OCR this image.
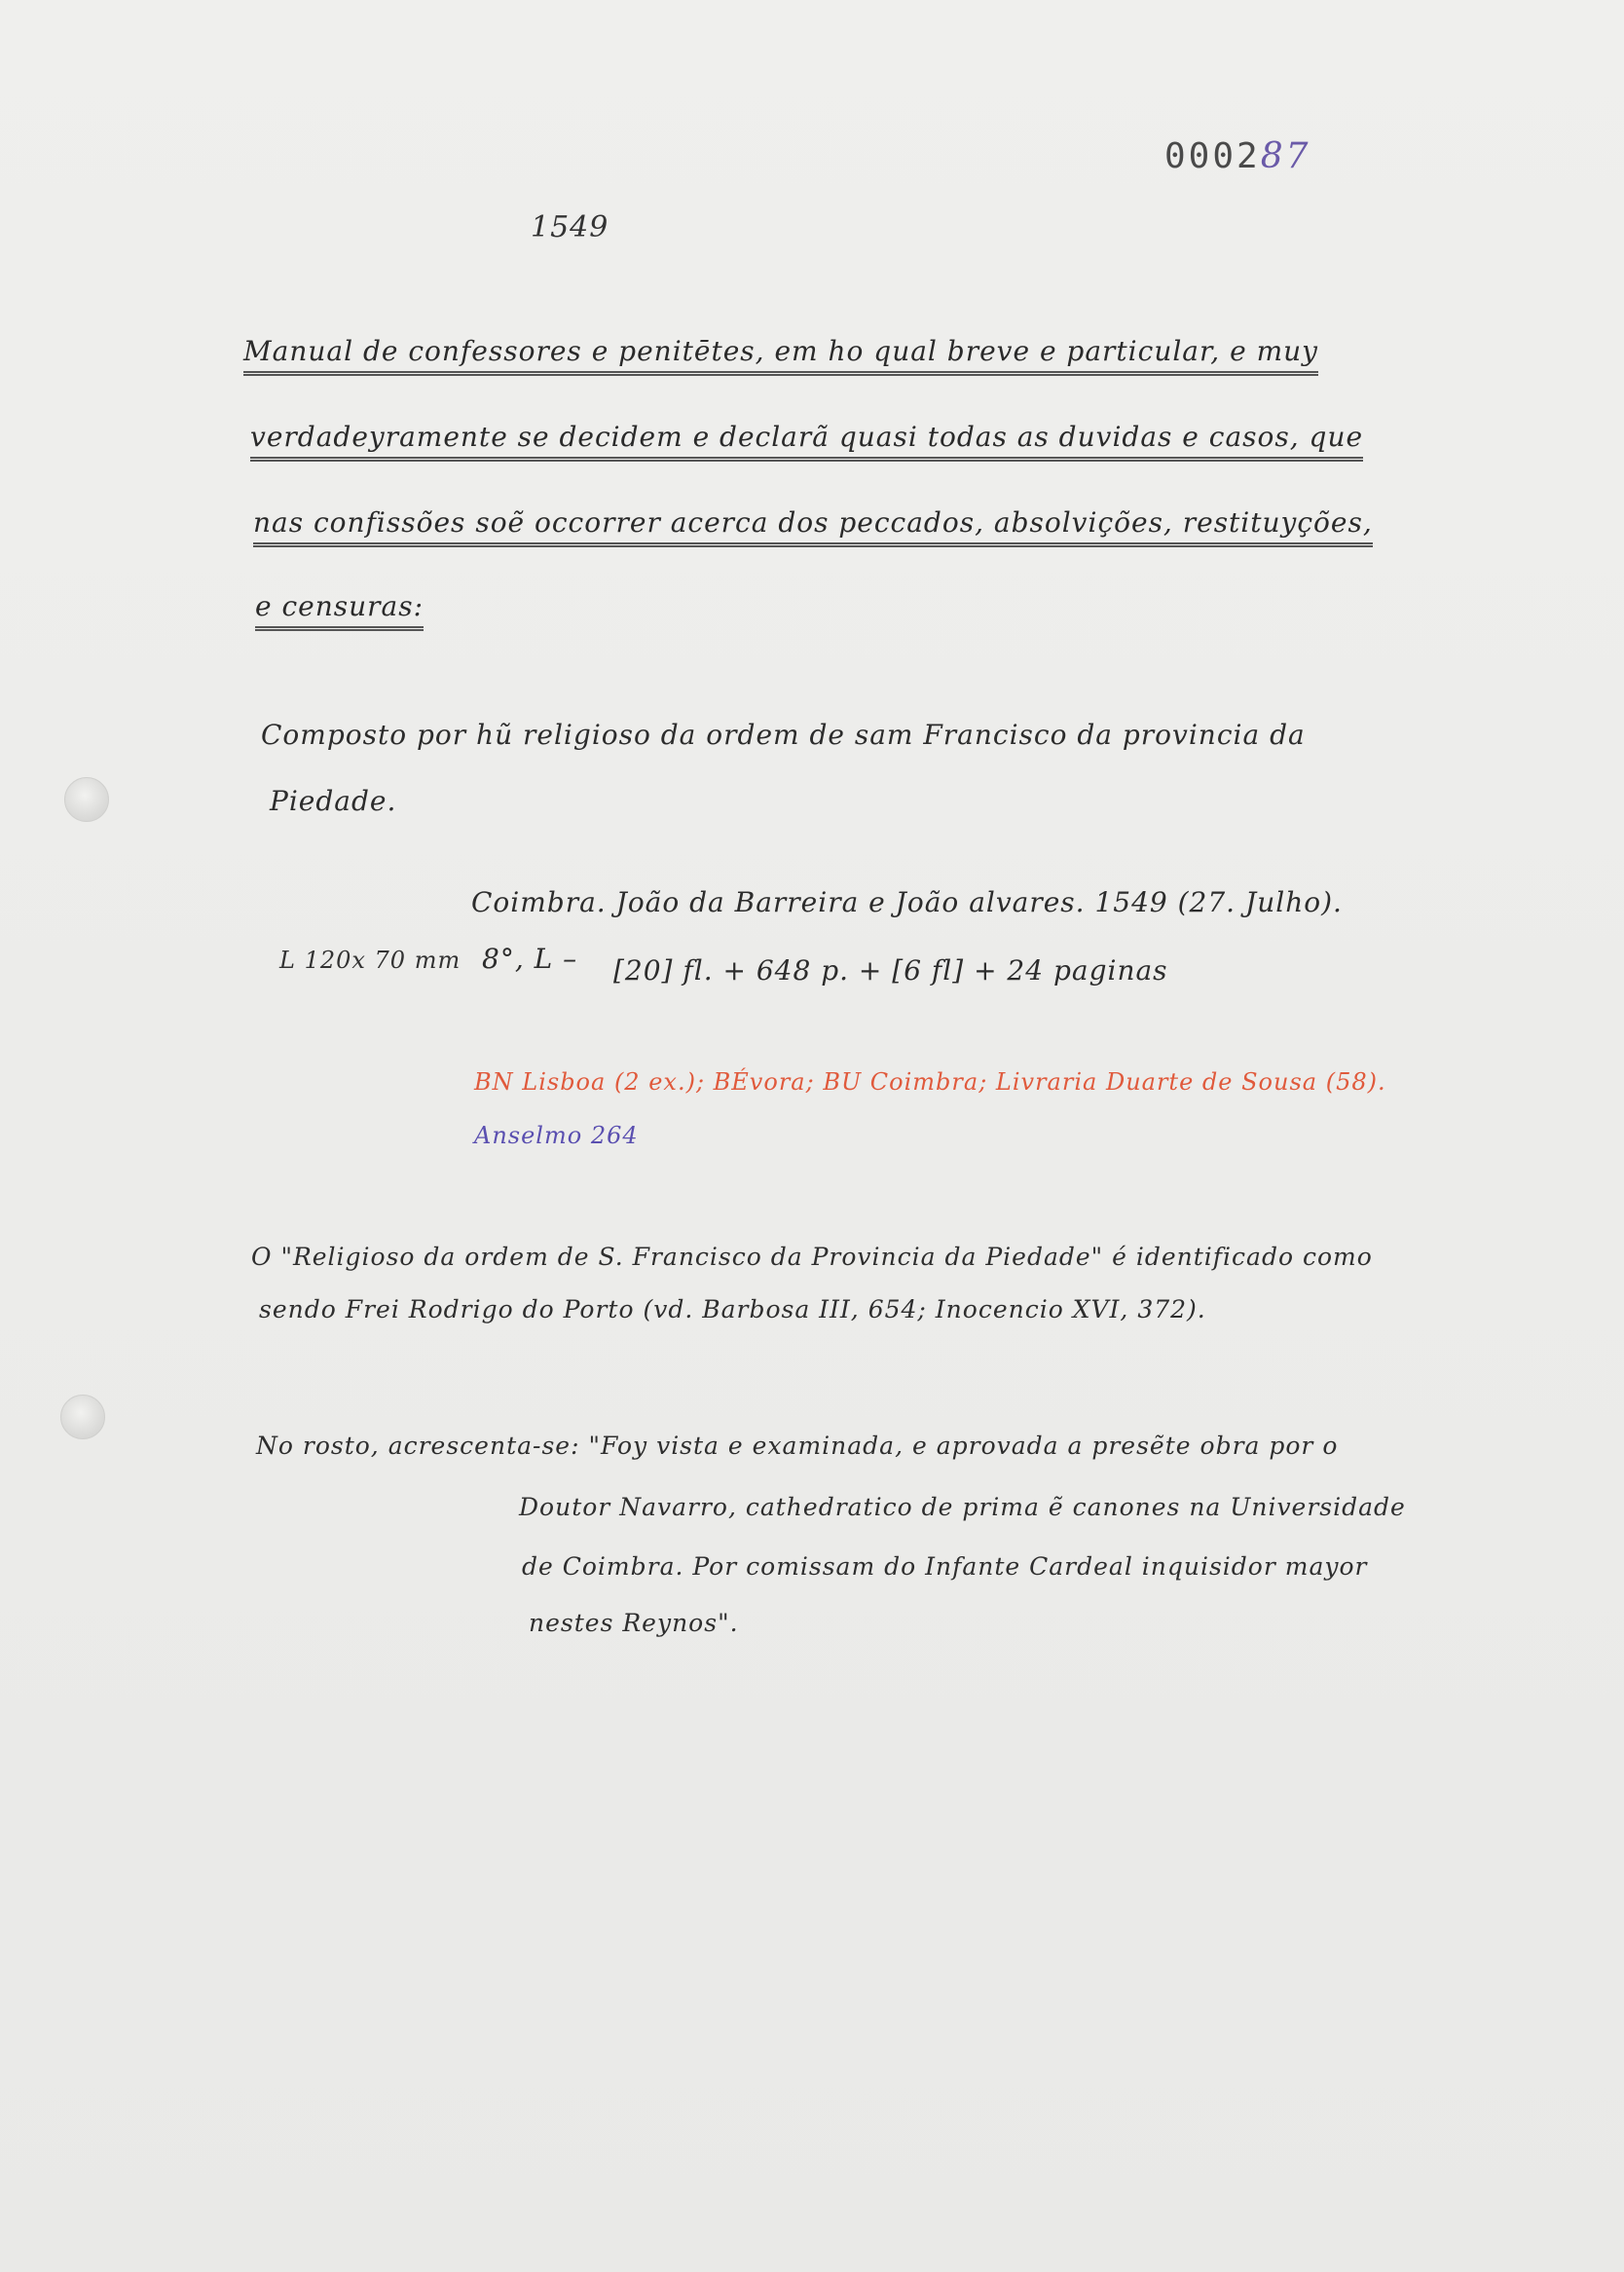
000287
1549
Manual de confessores e penitētes, em ho qual breve e particular, e muy
verdadeyramente se decidem e declarã quasi todas as duvidas e casos, que
nas confissões soẽ occorrer acerca dos peccados, absolvições, restituyções,
e censuras:
Composto por hũ religioso da ordem de sam Francisco da provincia da
Piedade.
Coimbra. João da Barreira e João alvares. 1549 (27. Julho).
L 120x 70 mm 8°, L – [20] fl. + 648 p. + [6 fl] + 24 paginas
BN Lisboa (2 ex.); BÉvora; BU Coimbra; Livraria Duarte de Sousa (58).
Anselmo 264
O "Religioso da ordem de S. Francisco da Provincia da Piedade" é identificado como
sendo Frei Rodrigo do Porto (vd. Barbosa III, 654; Inocencio XVI, 372).
No rosto, acrescenta-se: "Foy vista e examinada, e aprovada a presẽte obra por o
Doutor Navarro, cathedratico de prima ẽ canones na Universidade
de Coimbra. Por comissam do Infante Cardeal inquisidor mayor
nestes Reynos".
